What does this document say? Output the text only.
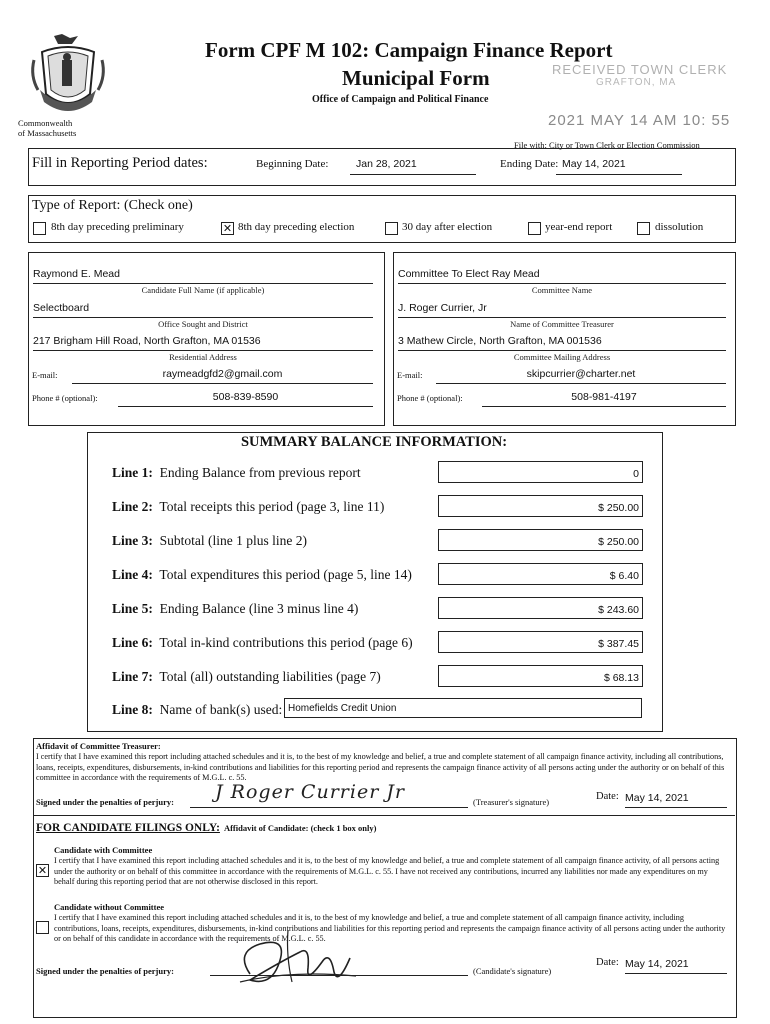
Commonwealth
of Massachusetts
Form CPF M 102: Campaign Finance Report
Municipal Form
Office of Campaign and Political Finance
RECEIVED TOWN CLERK
GRAFTON, MA
2021 MAY 14 AM 10: 55
File with: City or Town Clerk or Election Commission
Fill in Reporting Period dates:	Beginning Date:	Jan 28, 2021	Ending Date: May 14, 2021
Type of Report: (Check one)
8th day preceding preliminary	✕ 8th day preceding election	30 day after election	year-end report	dissolution
Raymond E. Mead
Candidate Full Name (if applicable)
Selectboard
Office Sought and District
217 Brigham Hill Road, North Grafton, MA 01536
Residential Address
E-mail:	raymeadgfd2@gmail.com
Phone # (optional):	508-839-8590
Committee To Elect Ray Mead
Committee Name
J. Roger Currier, Jr
Name of Committee Treasurer
3 Mathew Circle, North Grafton, MA 001536
Committee Mailing Address
E-mail:	skipcurrier@charter.net
Phone # (optional):	508-981-4197
SUMMARY BALANCE INFORMATION:
Line 1: Ending Balance from previous report	0
Line 2: Total receipts this period (page 3, line 11)	$ 250.00
Line 3: Subtotal (line 1 plus line 2)	$ 250.00
Line 4: Total expenditures this period (page 5, line 14)	$ 6.40
Line 5: Ending Balance (line 3 minus line 4)	$ 243.60
Line 6: Total in-kind contributions this period (page 6)	$ 387.45
Line 7: Total (all) outstanding liabilities (page 7)	$ 68.13
Line 8: Name of bank(s) used: Homefields Credit Union
Affidavit of Committee Treasurer:
I certify that I have examined this report including attached schedules and it is, to the best of my knowledge and belief, a true and complete statement of all campaign finance activity, including all contributions, loans, receipts, expenditures, disbursements, in-kind contributions and liabilities for this reporting period and represents the campaign finance activity of all persons acting under the authority or on behalf of this committee in accordance with the requirements of M.G.L. c. 55.
Signed under the penalties of perjury: J Roger Currier Jr	(Treasurer's signature)	Date: May 14, 2021
FOR CANDIDATE FILINGS ONLY: Affidavit of Candidate: (check 1 box only)
Candidate with Committee
✕
I certify that I have examined this report including attached schedules and it is, to the best of my knowledge and belief, a true and complete statement of all campaign finance activity, of all persons acting under the authority or on behalf of this committee in accordance with the requirements of M.G.L. c. 55. I have not received any contributions, incurred any liabilities nor made any expenditures on my behalf during this reporting period that are not otherwise disclosed in this report.
Candidate without Committee
I certify that I have examined this report including attached schedules and it is, to the best of my knowledge and belief, a true and complete statement of all campaign finance activity, including contributions, loans, receipts, expenditures, disbursements, in-kind contributions and liabilities for this reporting period and represents the campaign finance activity of all persons acting under the authority or on behalf of this candidate in accordance with the requirements of M.G.L. c. 55.
Signed under the penalties of perjury:	(Candidate's signature)
Date: May 14, 2021
